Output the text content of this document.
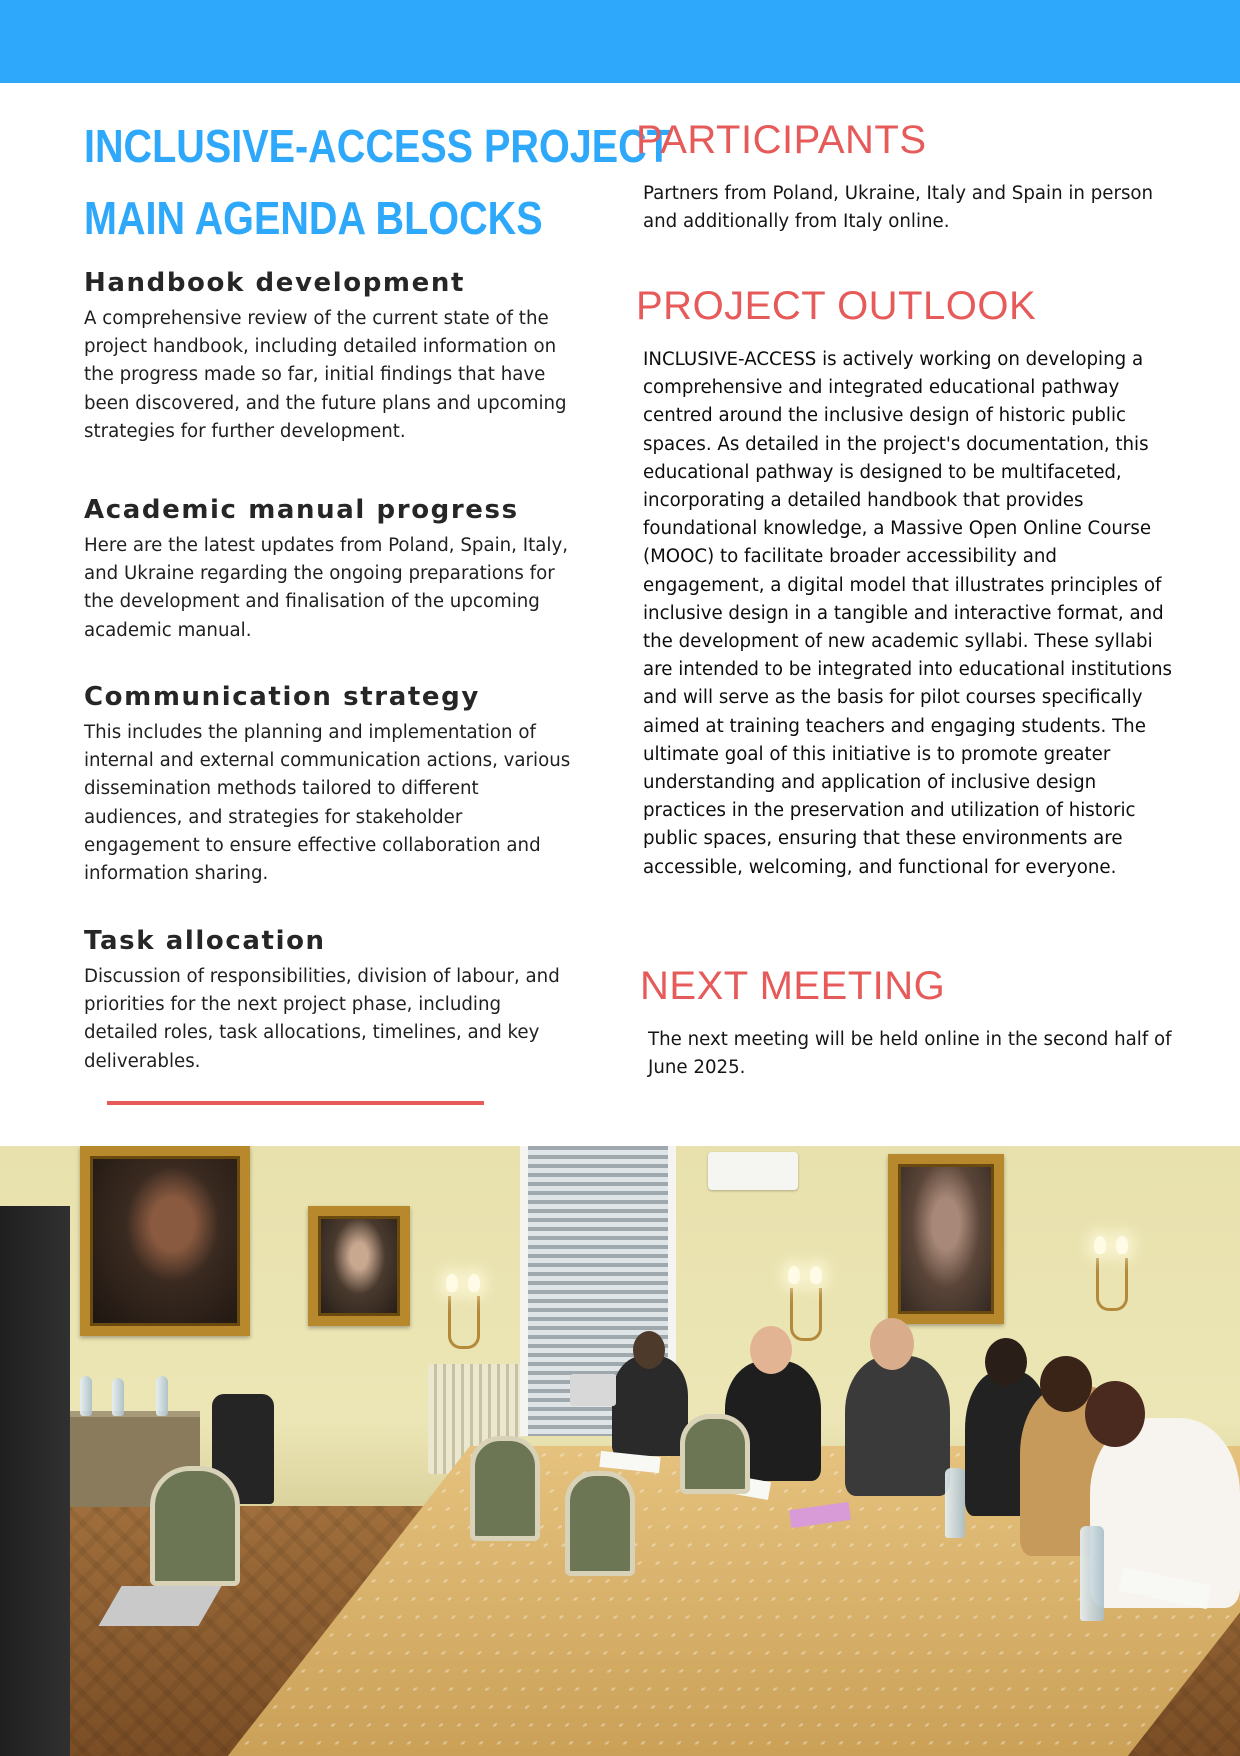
INCLUSIVE-ACCESS PROJECT
MAIN AGENDA BLOCKS
Handbook development

A comprehensive review of the current state of the project handbook, including detailed information on the progress made so far, initial findings that have been discovered, and the future plans and upcoming strategies for further development.

Academic manual progress

Here are the latest updates from Poland, Spain, Italy, and Ukraine regarding the ongoing preparations for the development and finalisation of the upcoming academic manual.

Communication strategy

This includes the planning and implementation of internal and external communication actions, various dissemination methods tailored to different audiences, and strategies for stakeholder engagement to ensure effective collaboration and information sharing.

Task allocation

Discussion of responsibilities, division of labour, and priorities for the next project phase, including detailed roles, task allocations, timelines, and key deliverables.

PARTICIPANTS

Partners from Poland, Ukraine, Italy and Spain in person and additionally from Italy online.

PROJECT OUTLOOK

INCLUSIVE-ACCESS is actively working on developing a comprehensive and integrated educational pathway centred around the inclusive design of historic public spaces. As detailed in the project's documentation, this educational pathway is designed to be multifaceted, incorporating a detailed handbook that provides foundational knowledge, a Massive Open Online Course (MOOC) to facilitate broader accessibility and engagement, a digital model that illustrates principles of inclusive design in a tangible and interactive format, and the development of new academic syllabi. These syllabi are intended to be integrated into educational institutions and will serve as the basis for pilot courses specifically aimed at training teachers and engaging students. The ultimate goal of this initiative is to promote greater understanding and application of inclusive design practices in the preservation and utilization of historic public spaces, ensuring that these environments are accessible, welcoming, and functional for everyone.

NEXT MEETING

The next meeting will be held online in the second half of June 2025.
